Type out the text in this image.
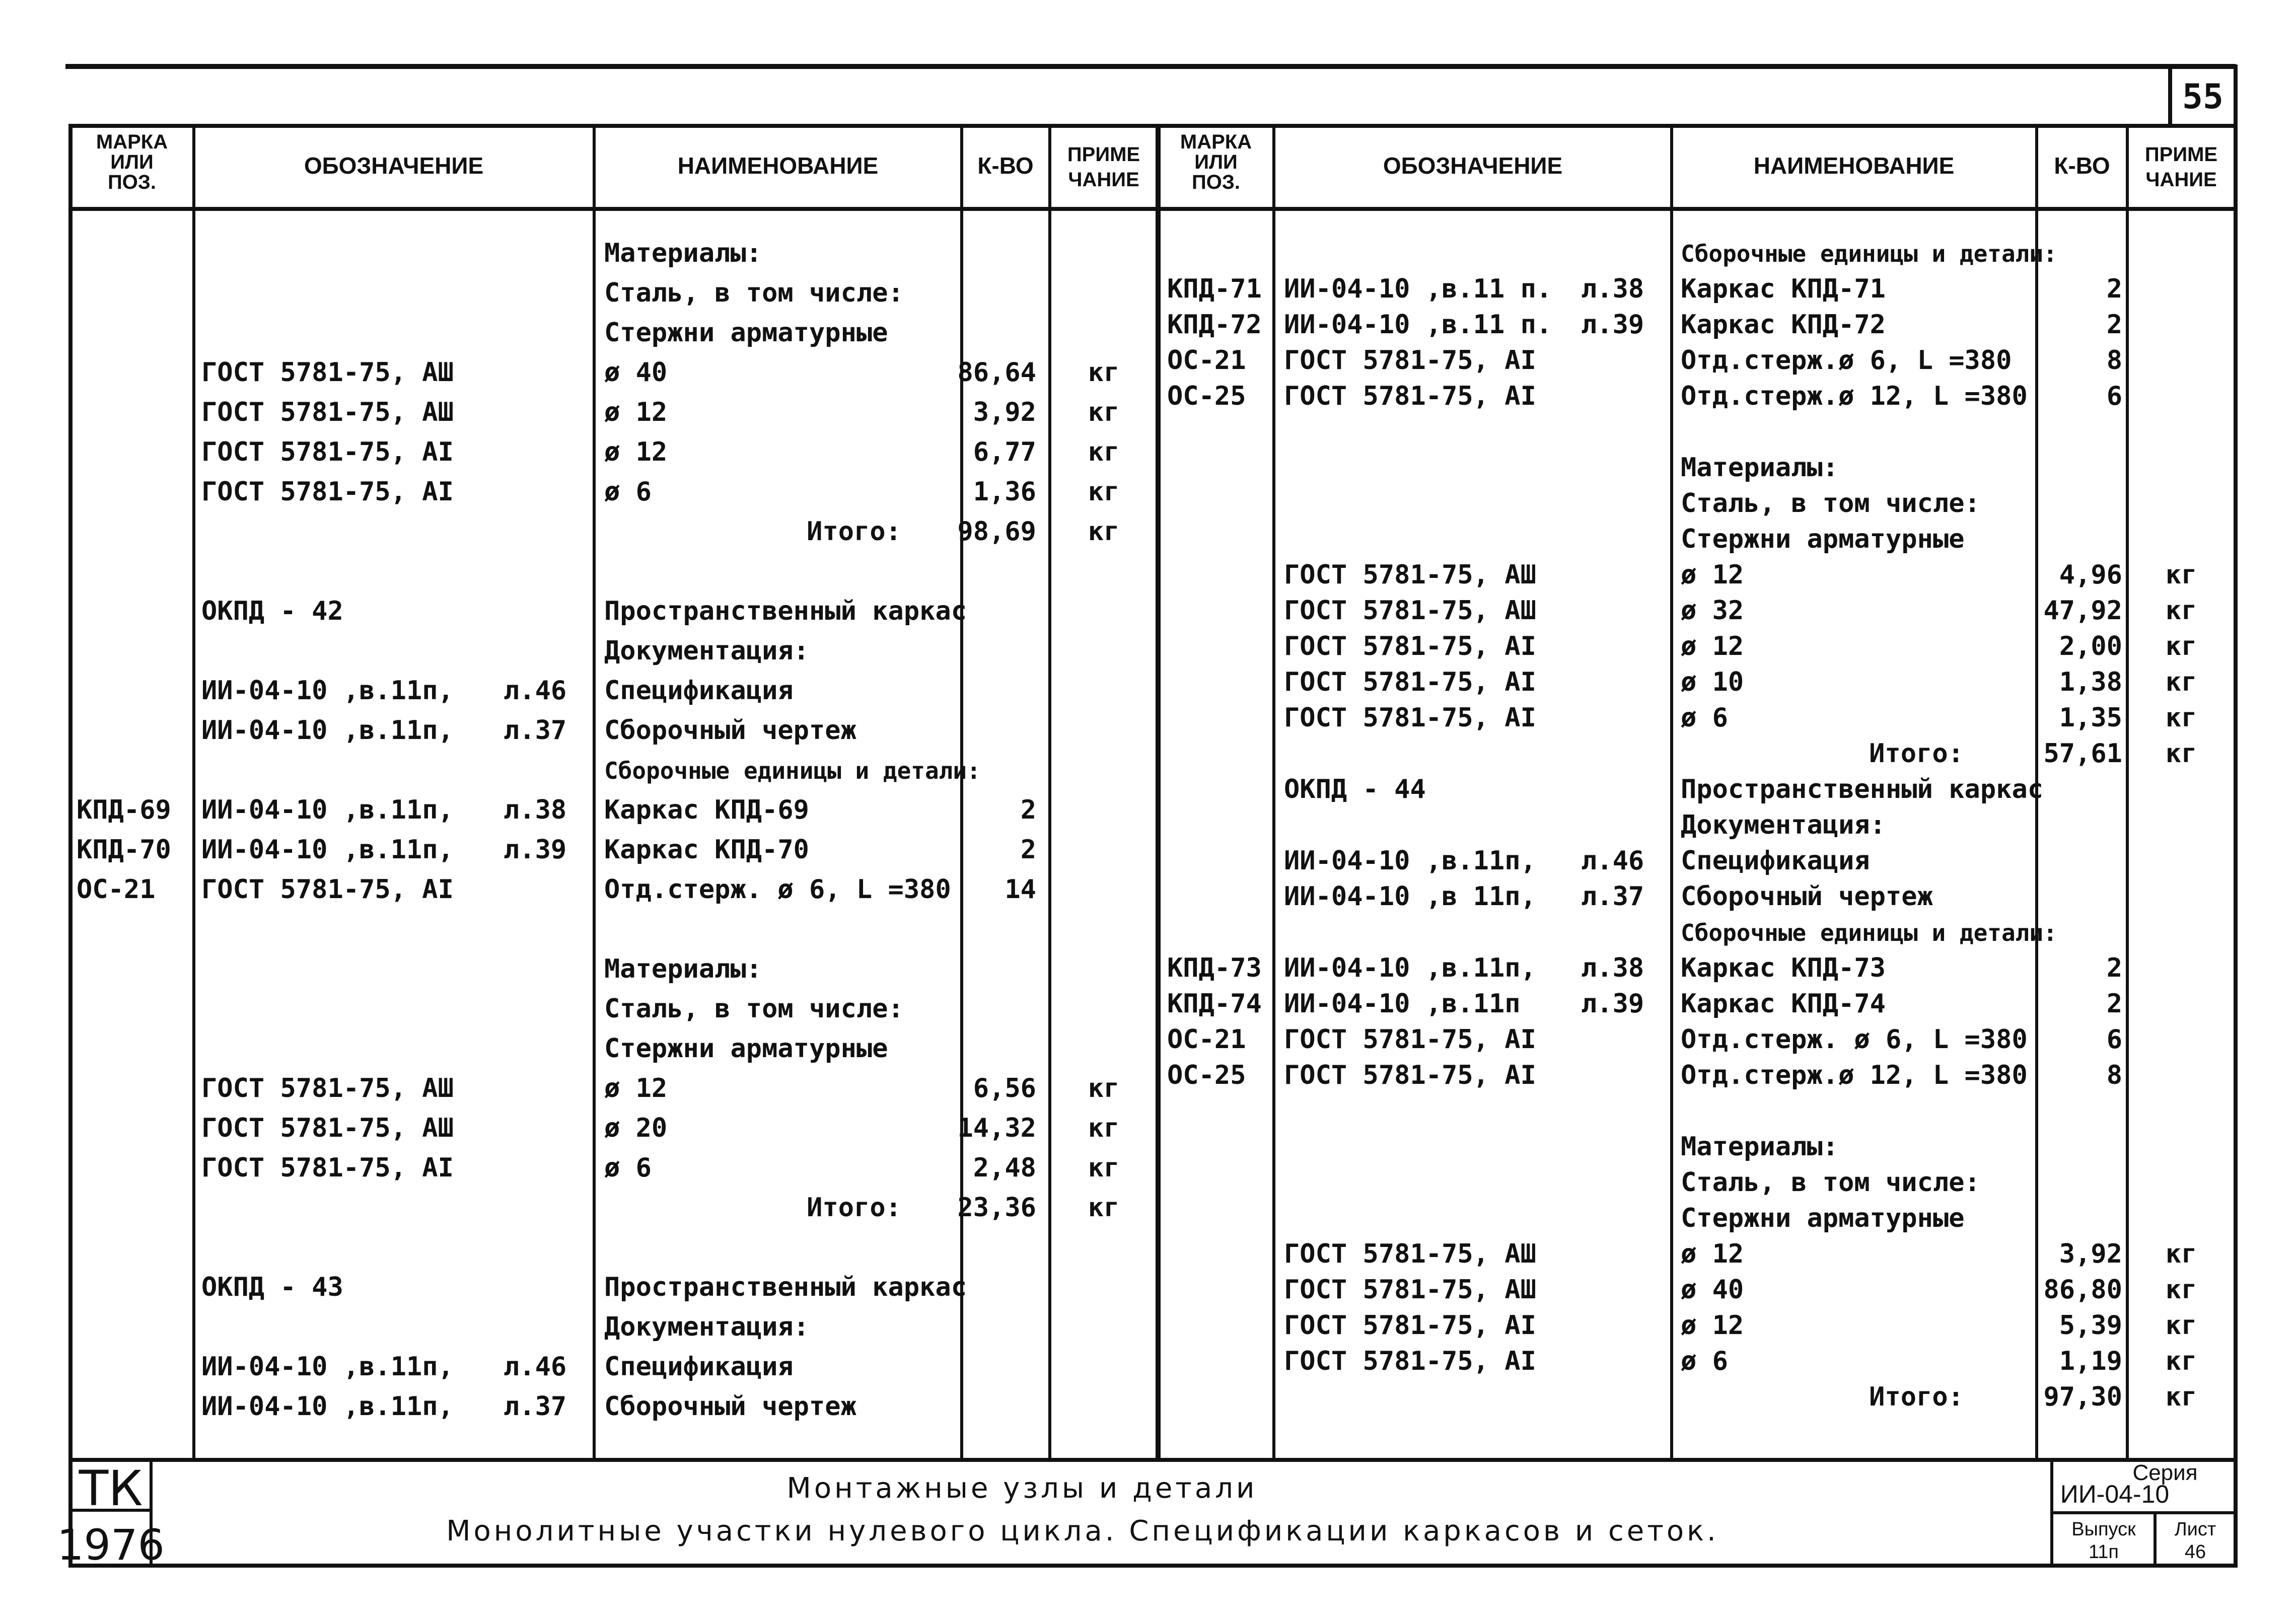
55
МАРКА
ИЛИ
ПОЗ.
ОБОЗНАЧЕНИЕ	НАИМЕНОВАНИЕ	К-ВО ПРИМЕ
ЧАНИЕ
МАРКА
ИЛИ
ПОЗ.
ОБОЗНАЧЕНИЕ	НАИМЕНОВАНИЕ	К-ВО ПРИМЕ
ЧАНИЕ
Материалы:
Сталь, в том числе:
Стержни арматурные
ГОСТ 5781-75, АШ	ø 40	86,64 кг
ГОСТ 5781-75, АШ	ø 12	3,92 кг
ГОСТ 5781-75, АI	ø 12	6,77 кг
ГОСТ 5781-75, АI	ø 6	1,36 кг
Итого: 98,69 кг
ОКПД - 42	Пространственный каркас
Документация:
ИИ-04-10 ,в.11п, л.46 Спецификация
ИИ-04-10 ,в.11п, л.37 Сборочный чертеж
Сборочные единицы и детали:
КПД-69 ИИ-04-10 ,в.11п, л.38 Каркас КПД-69	2
КПД-70 ИИ-04-10 ,в.11п, л.39 Каркас КПД-70	2
ОС-21 ГОСТ 5781-75, АI	Отд.стерж. ø 6, L =380 14
Материалы:
Сталь, в том числе:
Стержни арматурные
ГОСТ 5781-75, АШ	ø 12	6,56 кг
ГОСТ 5781-75, АШ	ø 20	14,32 кг
ГОСТ 5781-75, АI	ø 6	2,48 кг
Итого: 23,36 кг
ОКПД - 43	Пространственный каркас
Документация:
ИИ-04-10 ,в.11п, л.46 Спецификация
ИИ-04-10 ,в.11п, л.37 Сборочный чертеж
Сборочные единицы и детали:
КПД-71 ИИ-04-10 ,в.11 п. л.38 Каркас КПД-71	2
КПД-72 ИИ-04-10 ,в.11 п. л.39 Каркас КПД-72	2
ОС-21 ГОСТ 5781-75, АI	Отд.стерж.ø 6, L =380	8
ОС-25 ГОСТ 5781-75, АI	Отд.стерж.ø 12, L =380	6
Материалы:
Сталь, в том числе:
Стержни арматурные
ГОСТ 5781-75, АШ	ø 12	4,96 кг
ГОСТ 5781-75, АШ	ø 32	47,92 кг
ГОСТ 5781-75, АI	ø 12	2,00 кг
ГОСТ 5781-75, АI	ø 10	1,38 кг
ГОСТ 5781-75, АI	ø 6	1,35 кг
Итого:	57,61 кг
ОКПД - 44	Пространственный каркас
Документация:
ИИ-04-10 ,в.11п, л.46 Спецификация
ИИ-04-10 ,в 11п, л.37 Сборочный чертеж
Сборочные единицы и детали:
КПД-73 ИИ-04-10 ,в.11п, л.38 Каркас КПД-73	2
КПД-74 ИИ-04-10 ,в.11п л.39 Каркас КПД-74	2
ОС-21 ГОСТ 5781-75, АI	Отд.стерж. ø 6, L =380	6
ОС-25 ГОСТ 5781-75, АI	Отд.стерж.ø 12, L =380	8
Материалы:
Сталь, в том числе:
Стержни арматурные
ГОСТ 5781-75, АШ	ø 12	3,92 кг
ГОСТ 5781-75, АШ	ø 40	86,80 кг
ГОСТ 5781-75, АI	ø 12	5,39 кг
ГОСТ 5781-75, АI	ø 6	1,19 кг
Итого:	97,30 кг
ТК
1976
Монтажные узлы и детали
Монолитные участки нулевого цикла. Спецификации каркасов и сеток.
Серия
ИИ-04-10
Выпуск
11п
Лист
46
